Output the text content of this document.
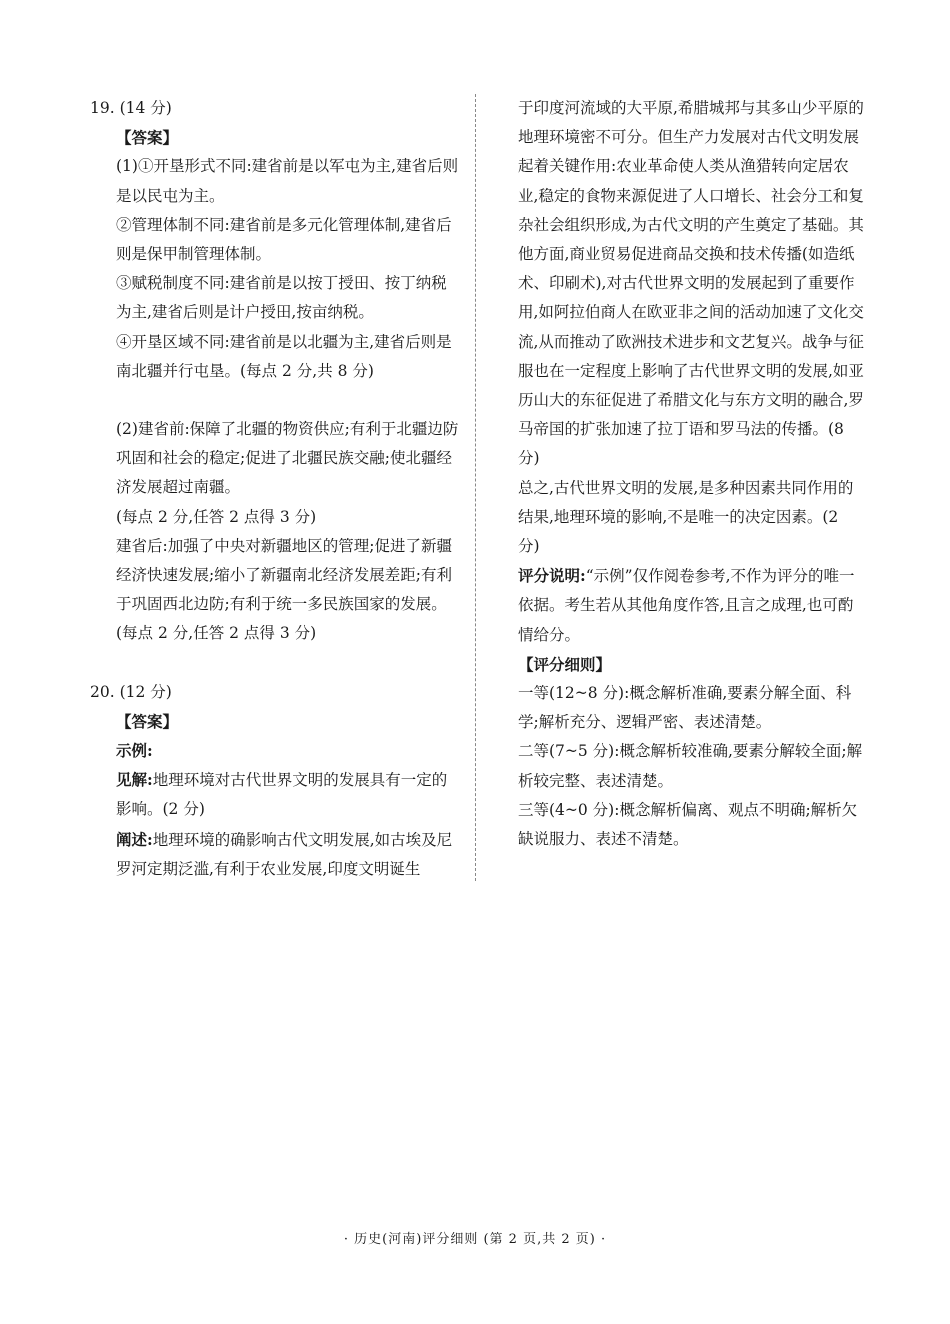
19. (14 分)
【答案】

(1)①开垦形式不同:建省前是以军屯为主,建省后则是以民屯为主。

②管理体制不同:建省前是多元化管理体制,建省后则是保甲制管理体制。

③赋税制度不同:建省前是以按丁授田、按丁纳税为主,建省后则是计户授田,按亩纳税。

④开垦区域不同:建省前是以北疆为主,建省后则是南北疆并行屯垦。(每点 2 分,共 8 分)

(2)建省前:保障了北疆的物资供应;有利于北疆边防巩固和社会的稳定;促进了北疆民族交融;使北疆经济发展超过南疆。

(每点 2 分,任答 2 点得 3 分)

建省后:加强了中央对新疆地区的管理;促进了新疆经济快速发展;缩小了新疆南北经济发展差距;有利于巩固西北边防;有利于统一多民族国家的发展。(每点 2 分,任答 2 点得 3 分)

20. (12 分)
【答案】
示例:

见解:地理环境对古代世界文明的发展具有一定的影响。(2 分)

阐述:地理环境的确影响古代文明发展,如古埃及尼罗河定期泛滥,有利于农业发展,印度文明诞生

于印度河流域的大平原,希腊城邦与其多山少平原的地理环境密不可分。但生产力发展对古代文明发展起着关键作用:农业革命使人类从渔猎转向定居农业,稳定的食物来源促进了人口增长、社会分工和复杂社会组织形成,为古代文明的产生奠定了基础。其他方面,商业贸易促进商品交换和技术传播(如造纸术、印刷术),对古代世界文明的发展起到了重要作用,如阿拉伯商人在欧亚非之间的活动加速了文化交流,从而推动了欧洲技术进步和文艺复兴。战争与征服也在一定程度上影响了古代世界文明的发展,如亚历山大的东征促进了希腊文化与东方文明的融合,罗马帝国的扩张加速了拉丁语和罗马法的传播。(8 分)

总之,古代世界文明的发展,是多种因素共同作用的结果,地理环境的影响,不是唯一的决定因素。(2 分)

评分说明:“示例”仅作阅卷参考,不作为评分的唯一依据。考生若从其他角度作答,且言之成理,也可酌情给分。

【评分细则】

一等(12~8 分):概念解析准确,要素分解全面、科学;解析充分、逻辑严密、表述清楚。

二等(7~5 分):概念解析较准确,要素分解较全面;解析较完整、表述清楚。

三等(4~0 分):概念解析偏离、观点不明确;解析欠缺说服力、表述不清楚。

· 历史(河南)评分细则 (第 2 页,共 2 页) ·
